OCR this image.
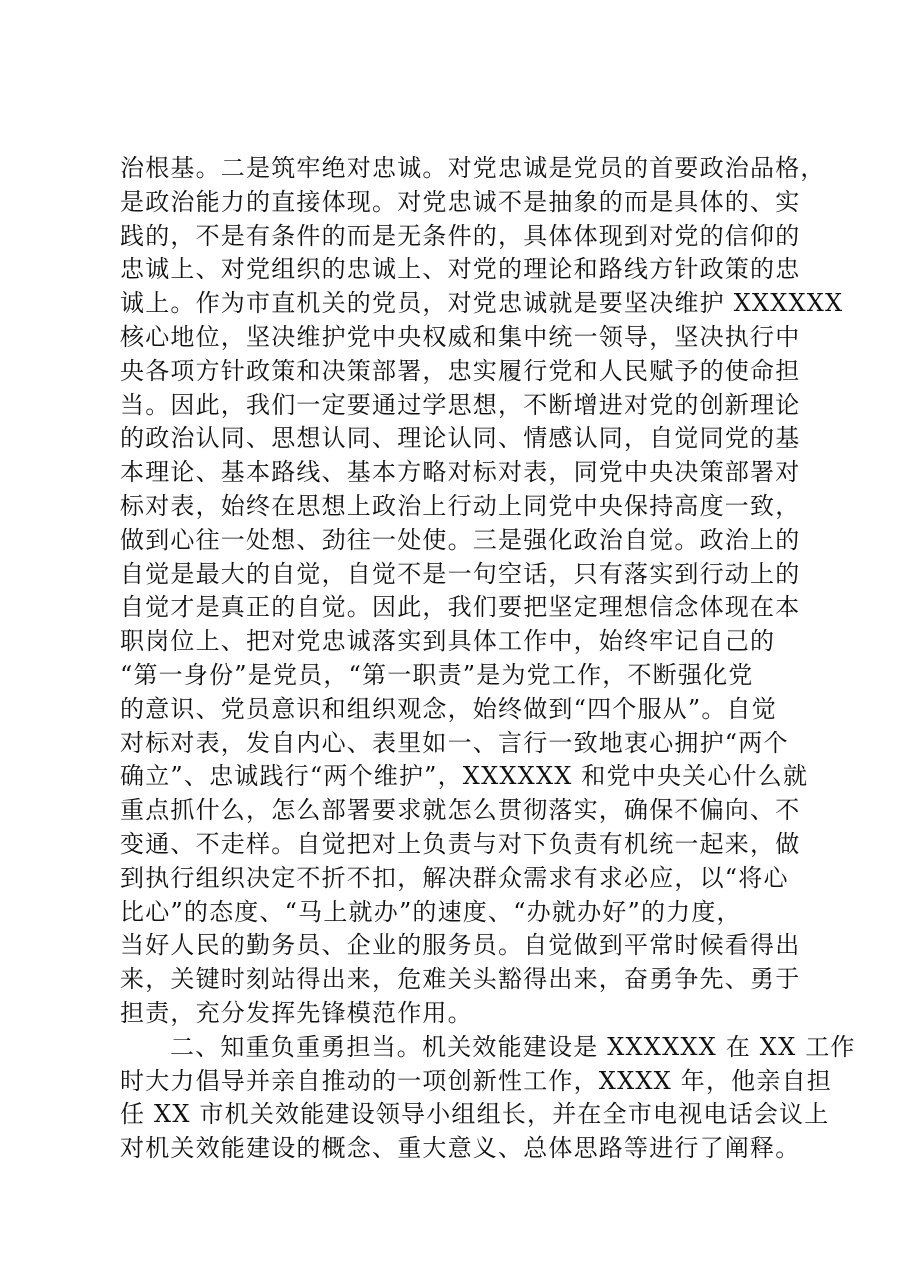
治根基。二是筑牢绝对忠诚。对党忠诚是党员的首要政治品格，
是政治能力的直接体现。对党忠诚不是抽象的而是具体的、实
践的，不是有条件的而是无条件的，具体体现到对党的信仰的
忠诚上、对党组织的忠诚上、对党的理论和路线方针政策的忠
诚上。作为市直机关的党员，对党忠诚就是要坚决维护 XXXXXX
核心地位，坚决维护党中央权威和集中统一领导，坚决执行中
央各项方针政策和决策部署，忠实履行党和人民赋予的使命担
当。因此，我们一定要通过学思想，不断增进对党的创新理论
的政治认同、思想认同、理论认同、情感认同，自觉同党的基
本理论、基本路线、基本方略对标对表，同党中央决策部署对
标对表，始终在思想上政治上行动上同党中央保持高度一致，
做到心往一处想、劲往一处使。三是强化政治自觉。政治上的
自觉是最大的自觉，自觉不是一句空话，只有落实到行动上的
自觉才是真正的自觉。因此，我们要把坚定理想信念体现在本
职岗位上、把对党忠诚落实到具体工作中，始终牢记自己的
“第一身份”是党员，“第一职责”是为党工作，不断强化党
的意识、党员意识和组织观念，始终做到“四个服从”。自觉
对标对表，发自内心、表里如一、言行一致地衷心拥护“两个
确立”、忠诚践行“两个维护”，XXXXXX 和党中央关心什么就
重点抓什么，怎么部署要求就怎么贯彻落实，确保不偏向、不
变通、不走样。自觉把对上负责与对下负责有机统一起来，做
到执行组织决定不折不扣，解决群众需求有求必应，以“将心
比心”的态度、“马上就办”的速度、“办就办好”的力度，
当好人民的勤务员、企业的服务员。自觉做到平常时候看得出
来，关键时刻站得出来，危难关头豁得出来，奋勇争先、勇于
担责，充分发挥先锋模范作用。
二、知重负重勇担当。机关效能建设是 XXXXXX 在 XX 工作
时大力倡导并亲自推动的一项创新性工作，XXXX 年，他亲自担
任 XX 市机关效能建设领导小组组长，并在全市电视电话会议上
对机关效能建设的概念、重大意义、总体思路等进行了阐释。
